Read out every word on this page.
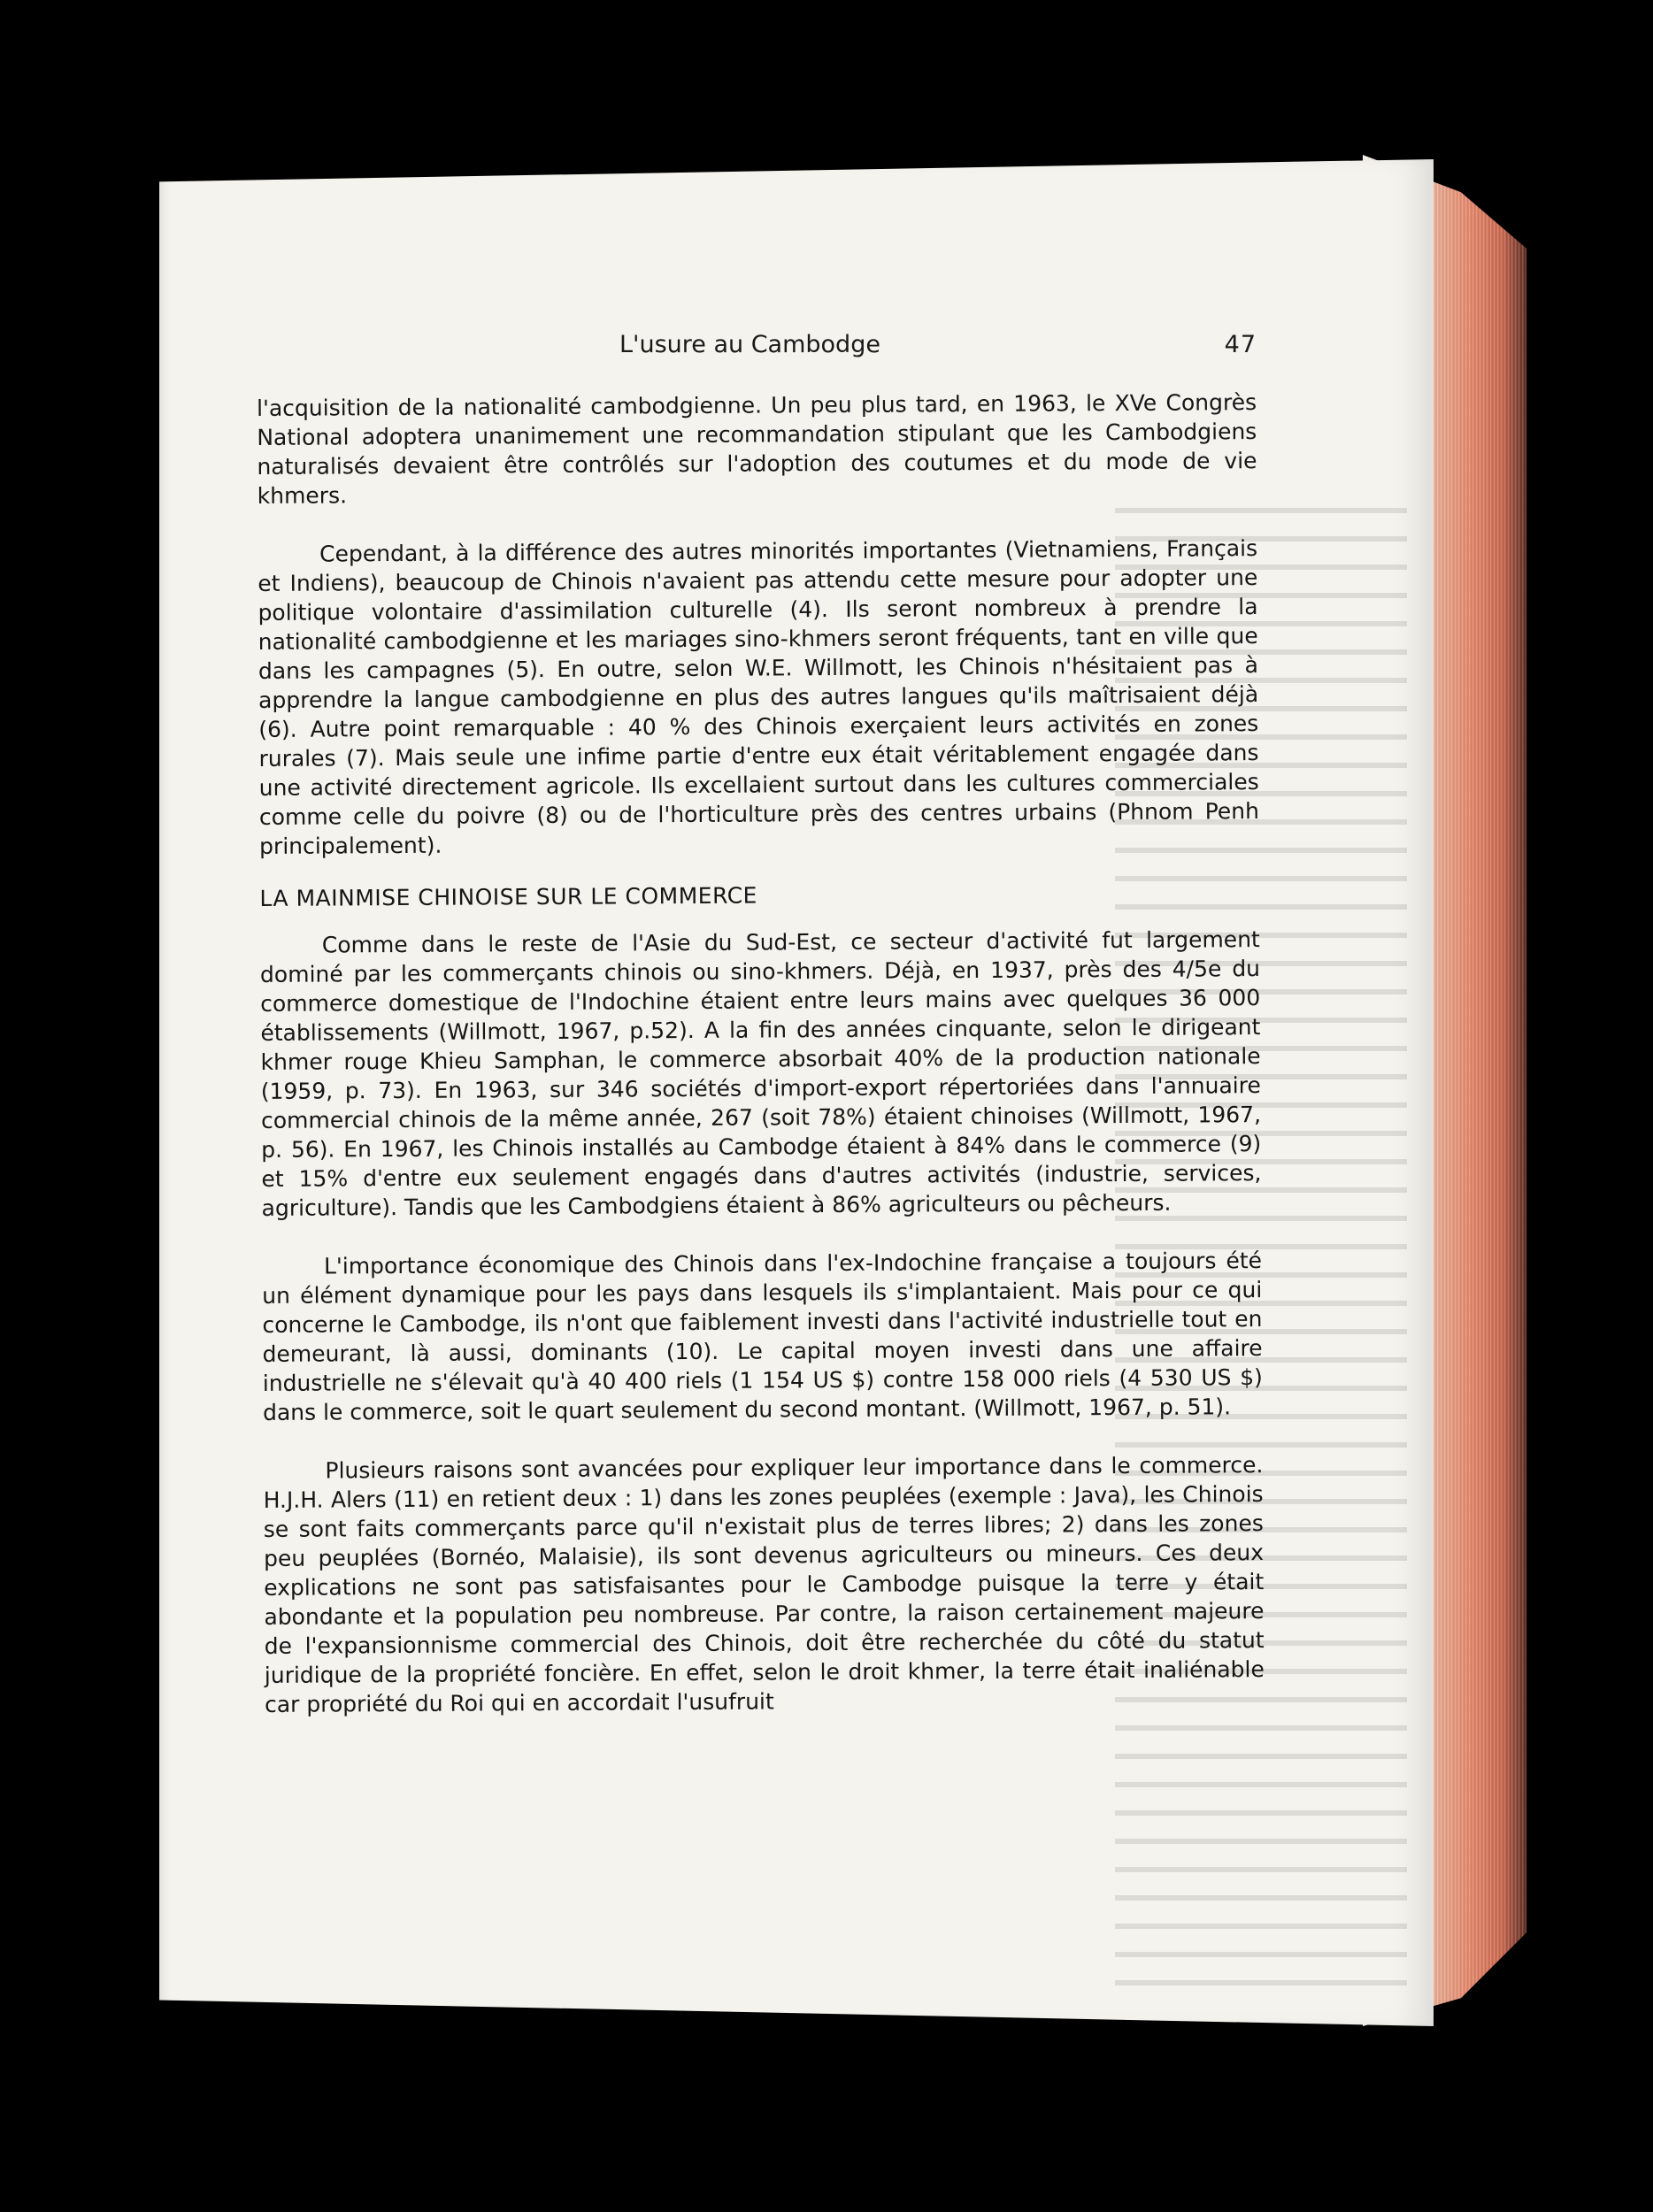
L'usure au Cambodge	47

l'acquisition de la nationalité cambodgienne. Un peu plus tard, en 1963, le XVe Congrès National adoptera unanimement une recommandation stipulant que les Cambodgiens naturalisés devaient être contrôlés sur l'adoption des coutumes et du mode de vie khmers.

Cependant, à la différence des autres minorités importantes (Vietnamiens, Français et Indiens), beaucoup de Chinois n'avaient pas attendu cette mesure pour adopter une politique volontaire d'assimilation culturelle (4). Ils seront nombreux à prendre la nationalité cambodgienne et les mariages sino-khmers seront fréquents, tant en ville que dans les campagnes (5). En outre, selon W.E. Willmott, les Chinois n'hésitaient pas à apprendre la langue cambodgienne en plus des autres langues qu'ils maîtrisaient déjà (6). Autre point remarquable : 40 % des Chinois exerçaient leurs activités en zones rurales (7). Mais seule une infime partie d'entre eux était véritablement engagée dans une activité directement agricole. Ils excellaient surtout dans les cultures commerciales comme celle du poivre (8) ou de l'horticulture près des centres urbains (Phnom Penh principalement).

LA MAINMISE CHINOISE SUR LE COMMERCE

Comme dans le reste de l'Asie du Sud-Est, ce secteur d'activité fut largement dominé par les commerçants chinois ou sino-khmers. Déjà, en 1937, près des 4/5e du commerce domestique de l'Indochine étaient entre leurs mains avec quelques 36 000 établissements (Willmott, 1967, p.52). A la fin des années cinquante, selon le dirigeant khmer rouge Khieu Samphan, le commerce absorbait 40% de la production nationale (1959, p. 73). En 1963, sur 346 sociétés d'import-export répertoriées dans l'annuaire commercial chinois de la même année, 267 (soit 78%) étaient chinoises (Willmott, 1967, p. 56). En 1967, les Chinois installés au Cambodge étaient à 84% dans le commerce (9) et 15% d'entre eux seulement engagés dans d'autres activités (industrie, services, agriculture). Tandis que les Cambodgiens étaient à 86% agriculteurs ou pêcheurs.

L'importance économique des Chinois dans l'ex-Indochine française a toujours été un élément dynamique pour les pays dans lesquels ils s'implantaient. Mais pour ce qui concerne le Cambodge, ils n'ont que faiblement investi dans l'activité industrielle tout en demeurant, là aussi, dominants (10). Le capital moyen investi dans une affaire industrielle ne s'élevait qu'à 40 400 riels (1 154 US $) contre 158 000 riels (4 530 US $) dans le commerce, soit le quart seulement du second montant. (Willmott, 1967, p. 51).

Plusieurs raisons sont avancées pour expliquer leur importance dans le commerce. H.J.H. Alers (11) en retient deux : 1) dans les zones peuplées (exemple : Java), les Chinois se sont faits commerçants parce qu'il n'existait plus de terres libres; 2) dans les zones peu peuplées (Bornéo, Malaisie), ils sont devenus agriculteurs ou mineurs. Ces deux explications ne sont pas satisfaisantes pour le Cambodge puisque la terre y était abondante et la population peu nombreuse. Par contre, la raison certainement majeure de l'expansionnisme commercial des Chinois, doit être recherchée du côté du statut juridique de la propriété foncière. En effet, selon le droit khmer, la terre était inaliénable car propriété du Roi qui en accordait l'usufruit
